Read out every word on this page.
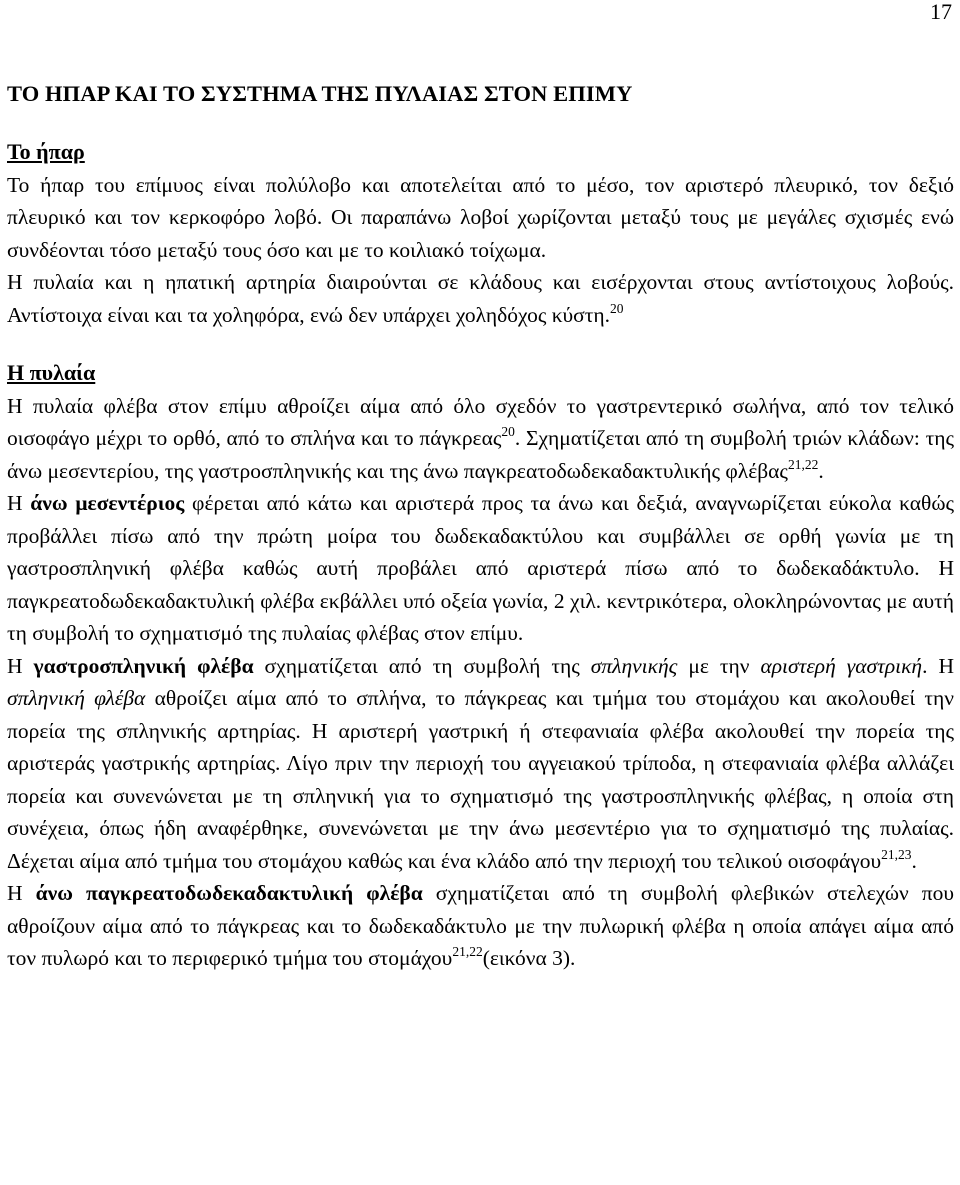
17
ΤΟ ΗΠΑΡ ΚΑΙ ΤΟ ΣΥΣΤΗΜΑ ΤΗΣ ΠΥΛΑΙΑΣ ΣΤΟΝ ΕΠΙΜΥ
Το ήπαρ

Το ήπαρ του επίμυος είναι πολύλοβο και αποτελείται από το μέσο, τον αριστερό πλευρικό, τον δεξιό πλευρικό και τον κερκοφόρο λοβό. Οι παραπάνω λοβοί χωρίζονται μεταξύ τους με μεγάλες σχισμές ενώ συνδέονται τόσο μεταξύ τους όσο και με το κοιλιακό τοίχωμα.

Η πυλαία και η ηπατική αρτηρία διαιρούνται σε κλάδους και εισέρχονται στους αντίστοιχους λοβούς. Αντίστοιχα είναι και τα χοληφόρα, ενώ δεν υπάρχει χοληδόχος κύστη.$^{20}$

Η πυλαία

Η πυλαία φλέβα στον επίμυ αθροίζει αίμα από όλο σχεδόν το γαστρεντερικό σωλήνα, από τον τελικό οισοφάγο μέχρι το ορθό, από το σπλήνα και το πάγκρεας$^{20}$. Σχηματίζεται από τη συμβολή τριών κλάδων: της άνω μεσεντερίου, της γαστροσπληνικής και της άνω παγκρεατοδωδεκαδακτυλικής φλέβας$^{21,22}$.

Η άνω μεσεντέριος φέρεται από κάτω και αριστερά προς τα άνω και δεξιά, αναγνωρίζεται εύκολα καθώς προβάλλει πίσω από την πρώτη μοίρα του δωδεκαδακτύλου και συμβάλλει σε ορθή γωνία με τη γαστροσπληνική φλέβα καθώς αυτή προβάλει από αριστερά πίσω από το δωδεκαδάκτυλο. Η παγκρεατοδωδεκαδακτυλική φλέβα εκβάλλει υπό οξεία γωνία, 2 χιλ. κεντρικότερα, ολοκληρώνοντας με αυτή τη συμβολή το σχηματισμό της πυλαίας φλέβας στον επίμυ.

Η γαστροσπληνική φλέβα σχηματίζεται από τη συμβολή της σπληνικής με την αριστερή γαστρική. Η σπληνική φλέβα αθροίζει αίμα από το σπλήνα, το πάγκρεας και τμήμα του στομάχου και ακολουθεί την πορεία της σπληνικής αρτηρίας. Η αριστερή γαστρική ή στεφανιαία φλέβα ακολουθεί την πορεία της αριστεράς γαστρικής αρτηρίας. Λίγο πριν την περιοχή του αγγειακού τρίποδα, η στεφανιαία φλέβα αλλάζει πορεία και συνενώνεται με τη σπληνική για το σχηματισμό της γαστροσπληνικής φλέβας, η οποία στη συνέχεια, όπως ήδη αναφέρθηκε, συνενώνεται με την άνω μεσεντέριο για το σχηματισμό της πυλαίας. Δέχεται αίμα από τμήμα του στομάχου καθώς και ένα κλάδο από την περιοχή του τελικού οισοφάγου$^{21,23}$.

Η άνω παγκρεατοδωδεκαδακτυλική φλέβα σχηματίζεται από τη συμβολή φλεβικών στελεχών που αθροίζουν αίμα από το πάγκρεας και το δωδεκαδάκτυλο με την πυλωρική φλέβα η οποία απάγει αίμα από τον πυλωρό και το περιφερικό τμήμα του στομάχου$^{21,22}$(εικόνα 3).
